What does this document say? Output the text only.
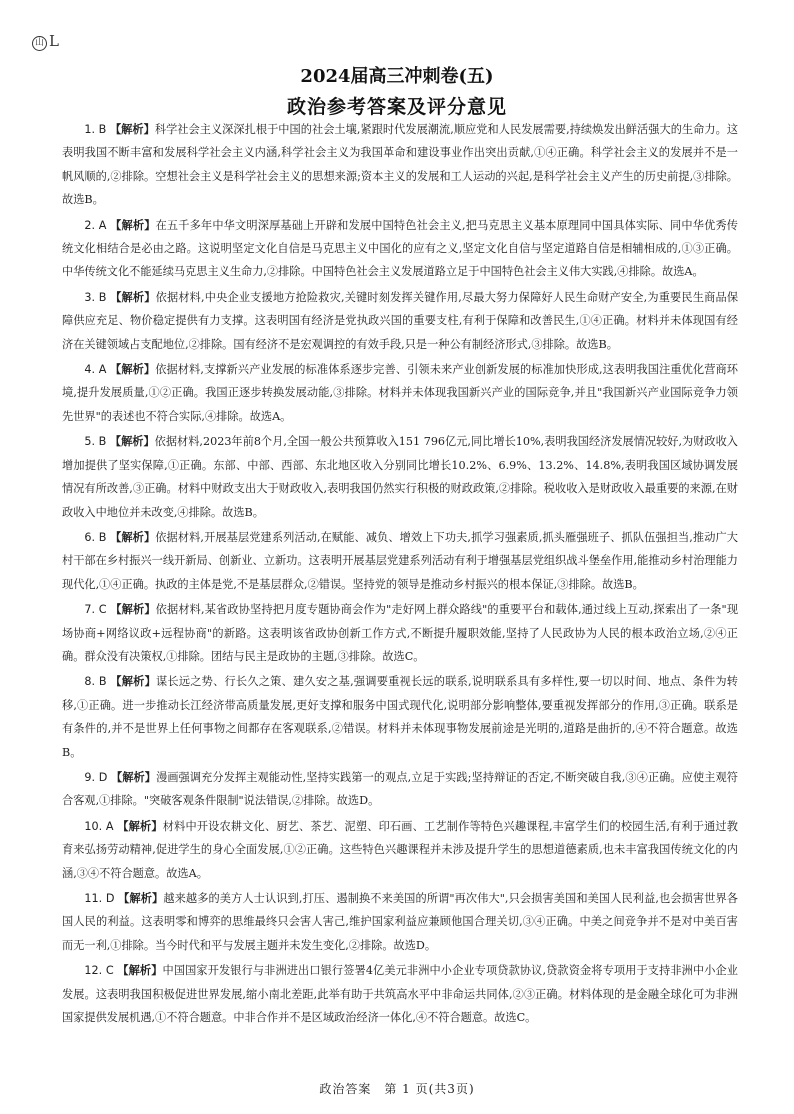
山 L
2024届高三冲刺卷(五)
政治参考答案及评分意见

1. B 【解析】科学社会主义深深扎根于中国的社会土壤,紧跟时代发展潮流,顺应党和人民发展需要,持续焕发出鲜活强大的生命力。这表明我国不断丰富和发展科学社会主义内涵,科学社会主义为我国革命和建设事业作出突出贡献,①④正确。科学社会主义的发展并不是一帆风顺的,②排除。空想社会主义是科学社会主义的思想来源;资本主义的发展和工人运动的兴起,是科学社会主义产生的历史前提,③排除。故选B。

2. A 【解析】在五千多年中华文明深厚基础上开辟和发展中国特色社会主义,把马克思主义基本原理同中国具体实际、同中华优秀传统文化相结合是必由之路。这说明坚定文化自信是马克思主义中国化的应有之义,坚定文化自信与坚定道路自信是相辅相成的,①③正确。中华传统文化不能延续马克思主义生命力,②排除。中国特色社会主义发展道路立足于中国特色社会主义伟大实践,④排除。故选A。

3. B 【解析】依据材料,中央企业支援地方抢险救灾,关键时刻发挥关键作用,尽最大努力保障好人民生命财产安全,为重要民生商品保障供应充足、物价稳定提供有力支撑。这表明国有经济是党执政兴国的重要支柱,有利于保障和改善民生,①④正确。材料并未体现国有经济在关键领域占支配地位,②排除。国有经济不是宏观调控的有效手段,只是一种公有制经济形式,③排除。故选B。

4. A 【解析】依据材料,支撑新兴产业发展的标准体系逐步完善、引领未来产业创新发展的标准加快形成,这表明我国注重优化营商环境,提升发展质量,①②正确。我国正逐步转换发展动能,③排除。材料并未体现我国新兴产业的国际竞争,并且"我国新兴产业国际竞争力领先世界"的表述也不符合实际,④排除。故选A。

5. B 【解析】依据材料,2023年前8个月,全国一般公共预算收入151 796亿元,同比增长10%,表明我国经济发展情况较好,为财政收入增加提供了坚实保障,①正确。东部、中部、西部、东北地区收入分别同比增长10.2%、6.9%、13.2%、14.8%,表明我国区域协调发展情况有所改善,③正确。材料中财政支出大于财政收入,表明我国仍然实行积极的财政政策,②排除。税收收入是财政收入最重要的来源,在财政收入中地位并未改变,④排除。故选B。

6. B 【解析】依据材料,开展基层党建系列活动,在赋能、减负、增效上下功夫,抓学习强素质,抓头雁强班子、抓队伍强担当,推动广大村干部在乡村振兴一线开新局、创新业、立新功。这表明开展基层党建系列活动有利于增强基层党组织战斗堡垒作用,能推动乡村治理能力现代化,①④正确。执政的主体是党,不是基层群众,②错误。坚持党的领导是推动乡村振兴的根本保证,③排除。故选B。

7. C 【解析】依据材料,某省政协坚持把月度专题协商会作为"走好网上群众路线"的重要平台和载体,通过线上互动,探索出了一条"现场协商+网络议政+远程协商"的新路。这表明该省政协创新工作方式,不断提升履职效能,坚持了人民政协为人民的根本政治立场,②④正确。群众没有决策权,①排除。团结与民主是政协的主题,③排除。故选C。

8. B 【解析】谋长远之势、行长久之策、建久安之基,强调要重视长远的联系,说明联系具有多样性,要一切以时间、地点、条件为转移,①正确。进一步推动长江经济带高质量发展,更好支撑和服务中国式现代化,说明部分影响整体,要重视发挥部分的作用,③正确。联系是有条件的,并不是世界上任何事物之间都存在客观联系,②错误。材料并未体现事物发展前途是光明的,道路是曲折的,④不符合题意。故选B。

9. D 【解析】漫画强调充分发挥主观能动性,坚持实践第一的观点,立足于实践;坚持辩证的否定,不断突破自我,③④正确。应使主观符合客观,①排除。"突破客观条件限制"说法错误,②排除。故选D。

10. A 【解析】材料中开设农耕文化、厨艺、茶艺、泥塑、印石画、工艺制作等特色兴趣课程,丰富学生们的校园生活,有利于通过教育来弘扬劳动精神,促进学生的身心全面发展,①②正确。这些特色兴趣课程并未涉及提升学生的思想道德素质,也未丰富我国传统文化的内涵,③④不符合题意。故选A。

11. D 【解析】越来越多的美方人士认识到,打压、遏制换不来美国的所谓"再次伟大",只会损害美国和美国人民利益,也会损害世界各国人民的利益。这表明零和博弈的思维最终只会害人害己,维护国家利益应兼顾他国合理关切,③④正确。中美之间竞争并不是对中美百害而无一利,①排除。当今时代和平与发展主题并未发生变化,②排除。故选D。

12. C 【解析】中国国家开发银行与非洲进出口银行签署4亿美元非洲中小企业专项贷款协议,贷款资金将专项用于支持非洲中小企业发展。这表明我国积极促进世界发展,缩小南北差距,此举有助于共筑高水平中非命运共同体,②③正确。材料体现的是金融全球化可为非洲国家提供发展机遇,①不符合题意。中非合作并不是区域政治经济一体化,④不符合题意。故选C。

政治答案　第 1 页(共3页)
